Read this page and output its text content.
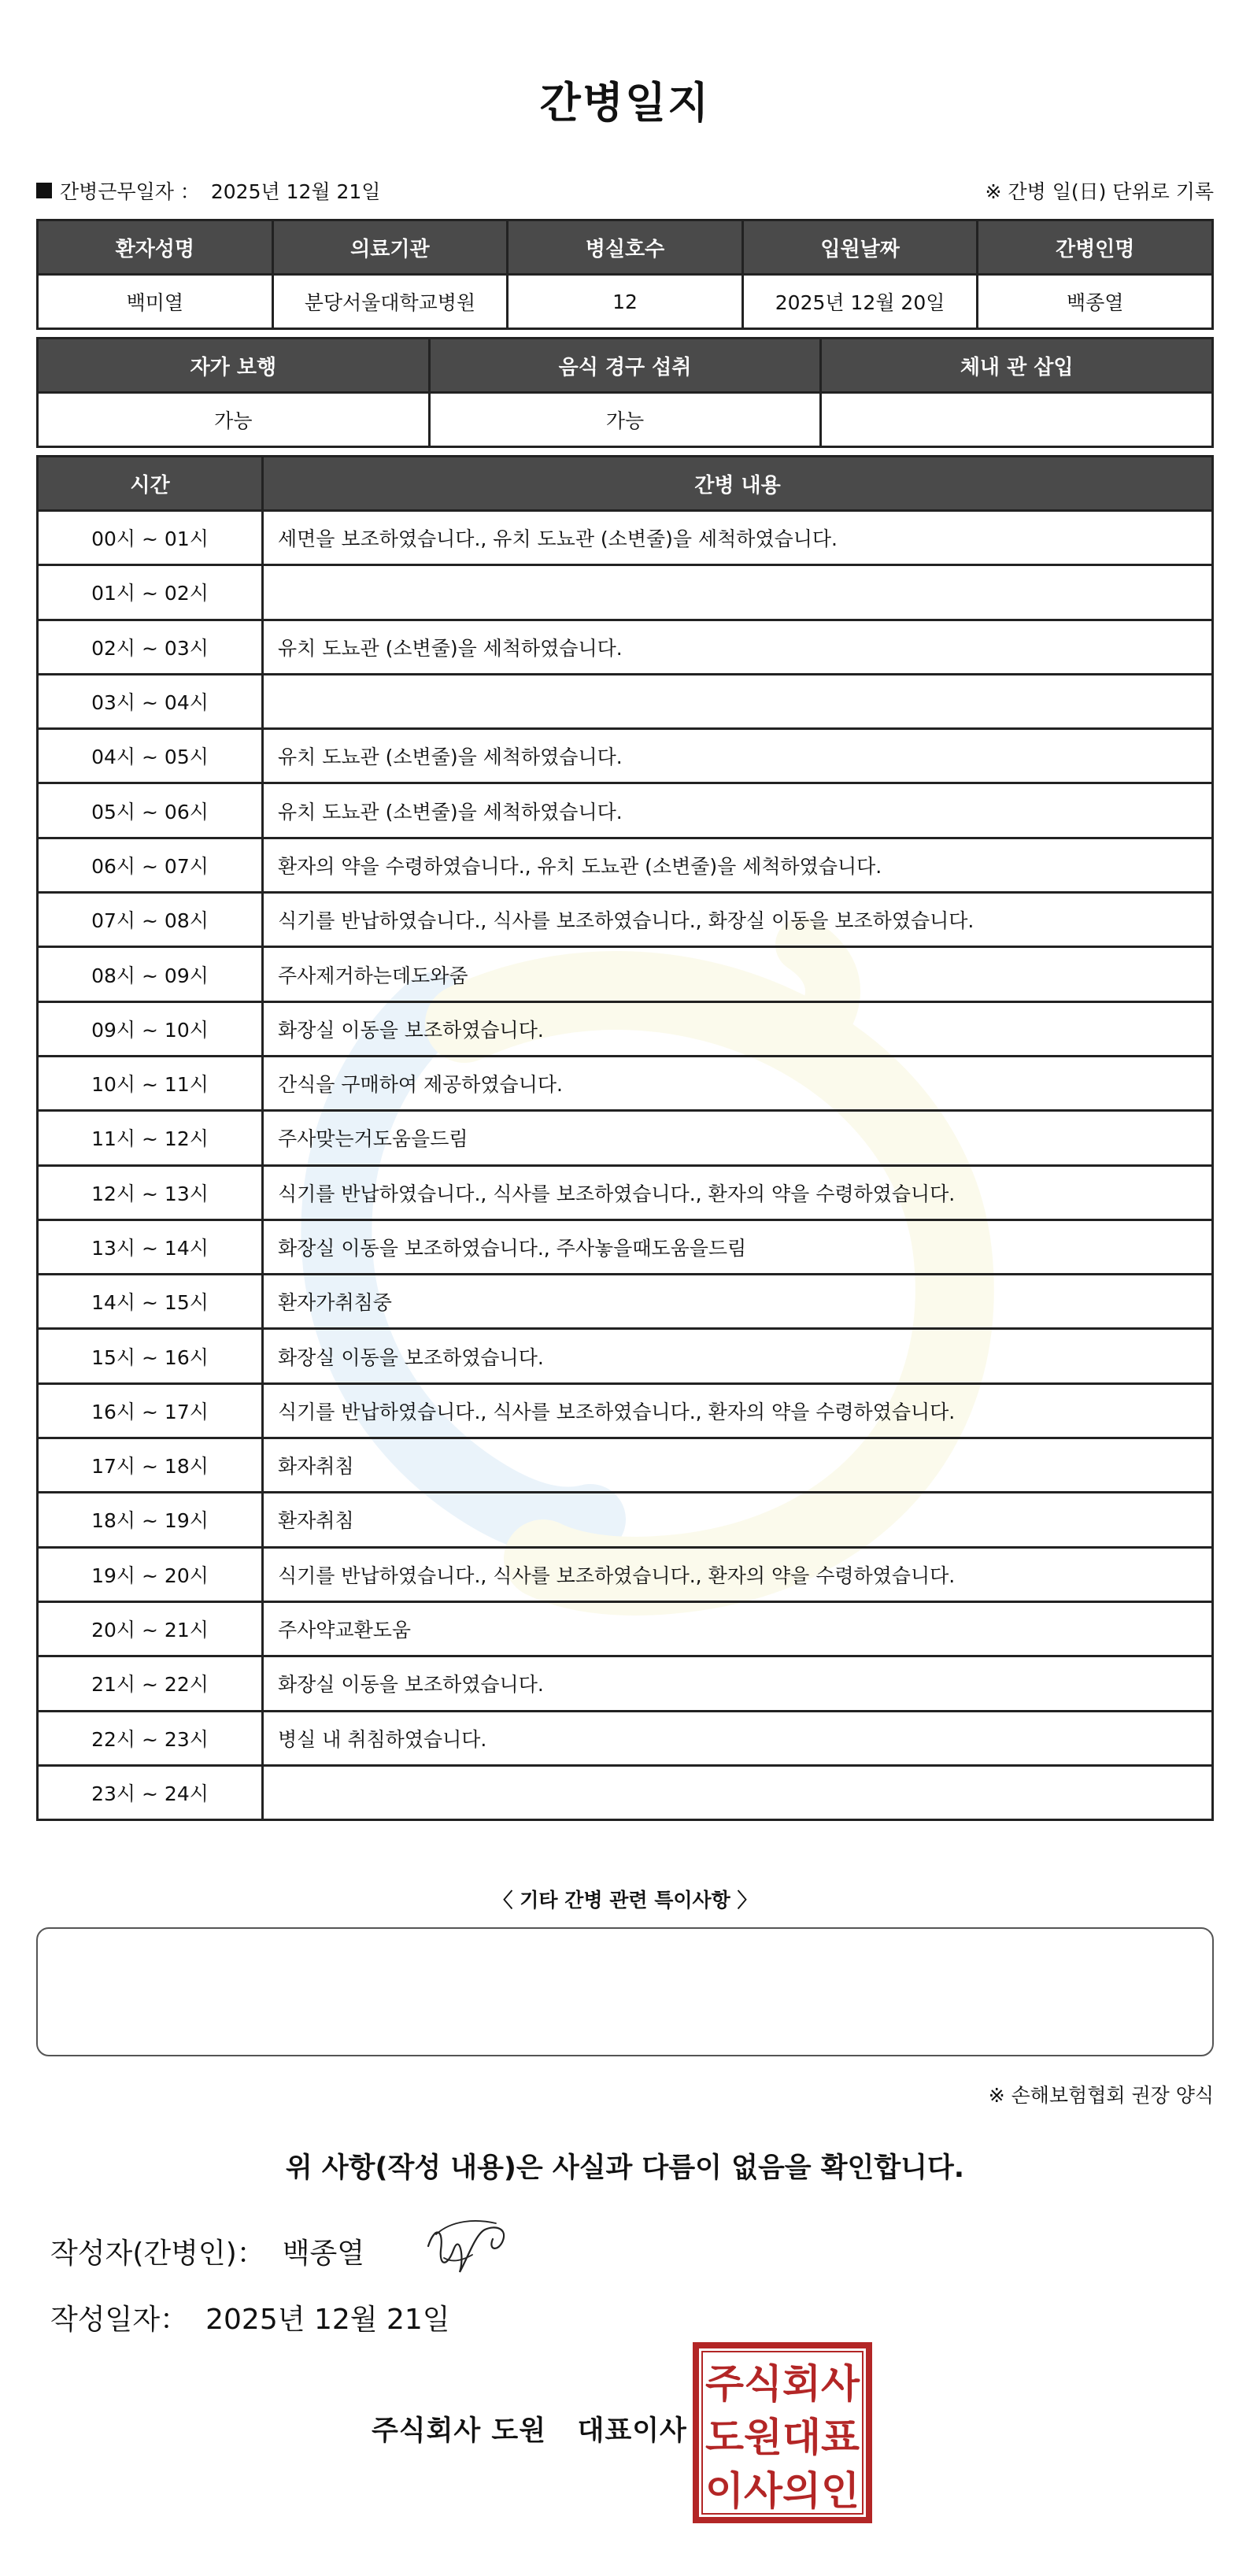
간병일지
간병근무일자 ： 2025년 12월 21일	※ 간병 일(日) 단위로 기록
환자성명	의료기관	병실호수	입원날짜	간병인명
백미열	분당서울대학교병원	12	2025년 12월 20일	백종열
자가 보행	음식 경구 섭취	체내 관 삽입
가능	가능	
시간	간병 내용
00시 ~ 01시	세면을 보조하였습니다., 유치 도뇨관 (소변줄)을 세척하였습니다.
01시 ~ 02시	
02시 ~ 03시	유치 도뇨관 (소변줄)을 세척하였습니다.
03시 ~ 04시	
04시 ~ 05시	유치 도뇨관 (소변줄)을 세척하였습니다.
05시 ~ 06시	유치 도뇨관 (소변줄)을 세척하였습니다.
06시 ~ 07시	환자의 약을 수령하였습니다., 유치 도뇨관 (소변줄)을 세척하였습니다.
07시 ~ 08시	식기를 반납하였습니다., 식사를 보조하였습니다., 화장실 이동을 보조하였습니다.
08시 ~ 09시	주사제거하는데도와줌
09시 ~ 10시	화장실 이동을 보조하였습니다.
10시 ~ 11시	간식을 구매하여 제공하였습니다.
11시 ~ 12시	주사맞는거도움을드림
12시 ~ 13시	식기를 반납하였습니다., 식사를 보조하였습니다., 환자의 약을 수령하였습니다.
13시 ~ 14시	화장실 이동을 보조하였습니다., 주사놓을때도움을드림
14시 ~ 15시	환자가취침중
15시 ~ 16시	화장실 이동을 보조하였습니다.
16시 ~ 17시	식기를 반납하였습니다., 식사를 보조하였습니다., 환자의 약을 수령하였습니다.
17시 ~ 18시	화자취침
18시 ~ 19시	환자취침
19시 ~ 20시	식기를 반납하였습니다., 식사를 보조하였습니다., 환자의 약을 수령하였습니다.
20시 ~ 21시	주사약교환도움
21시 ~ 22시	화장실 이동을 보조하였습니다.
22시 ~ 23시	병실 내 취침하였습니다.
23시 ~ 24시	
〈 기타 간병 관련 특이사항 〉
※ 손해보험협회 권장 양식
위 사항(작성 내용)은 사실과 다름이 없음을 확인합니다.
작성자(간병인)： 백종열
작성일자： 2025년 12월 21일
주식회사 도원   대표이사
주식회사
도원대표
이사의인
